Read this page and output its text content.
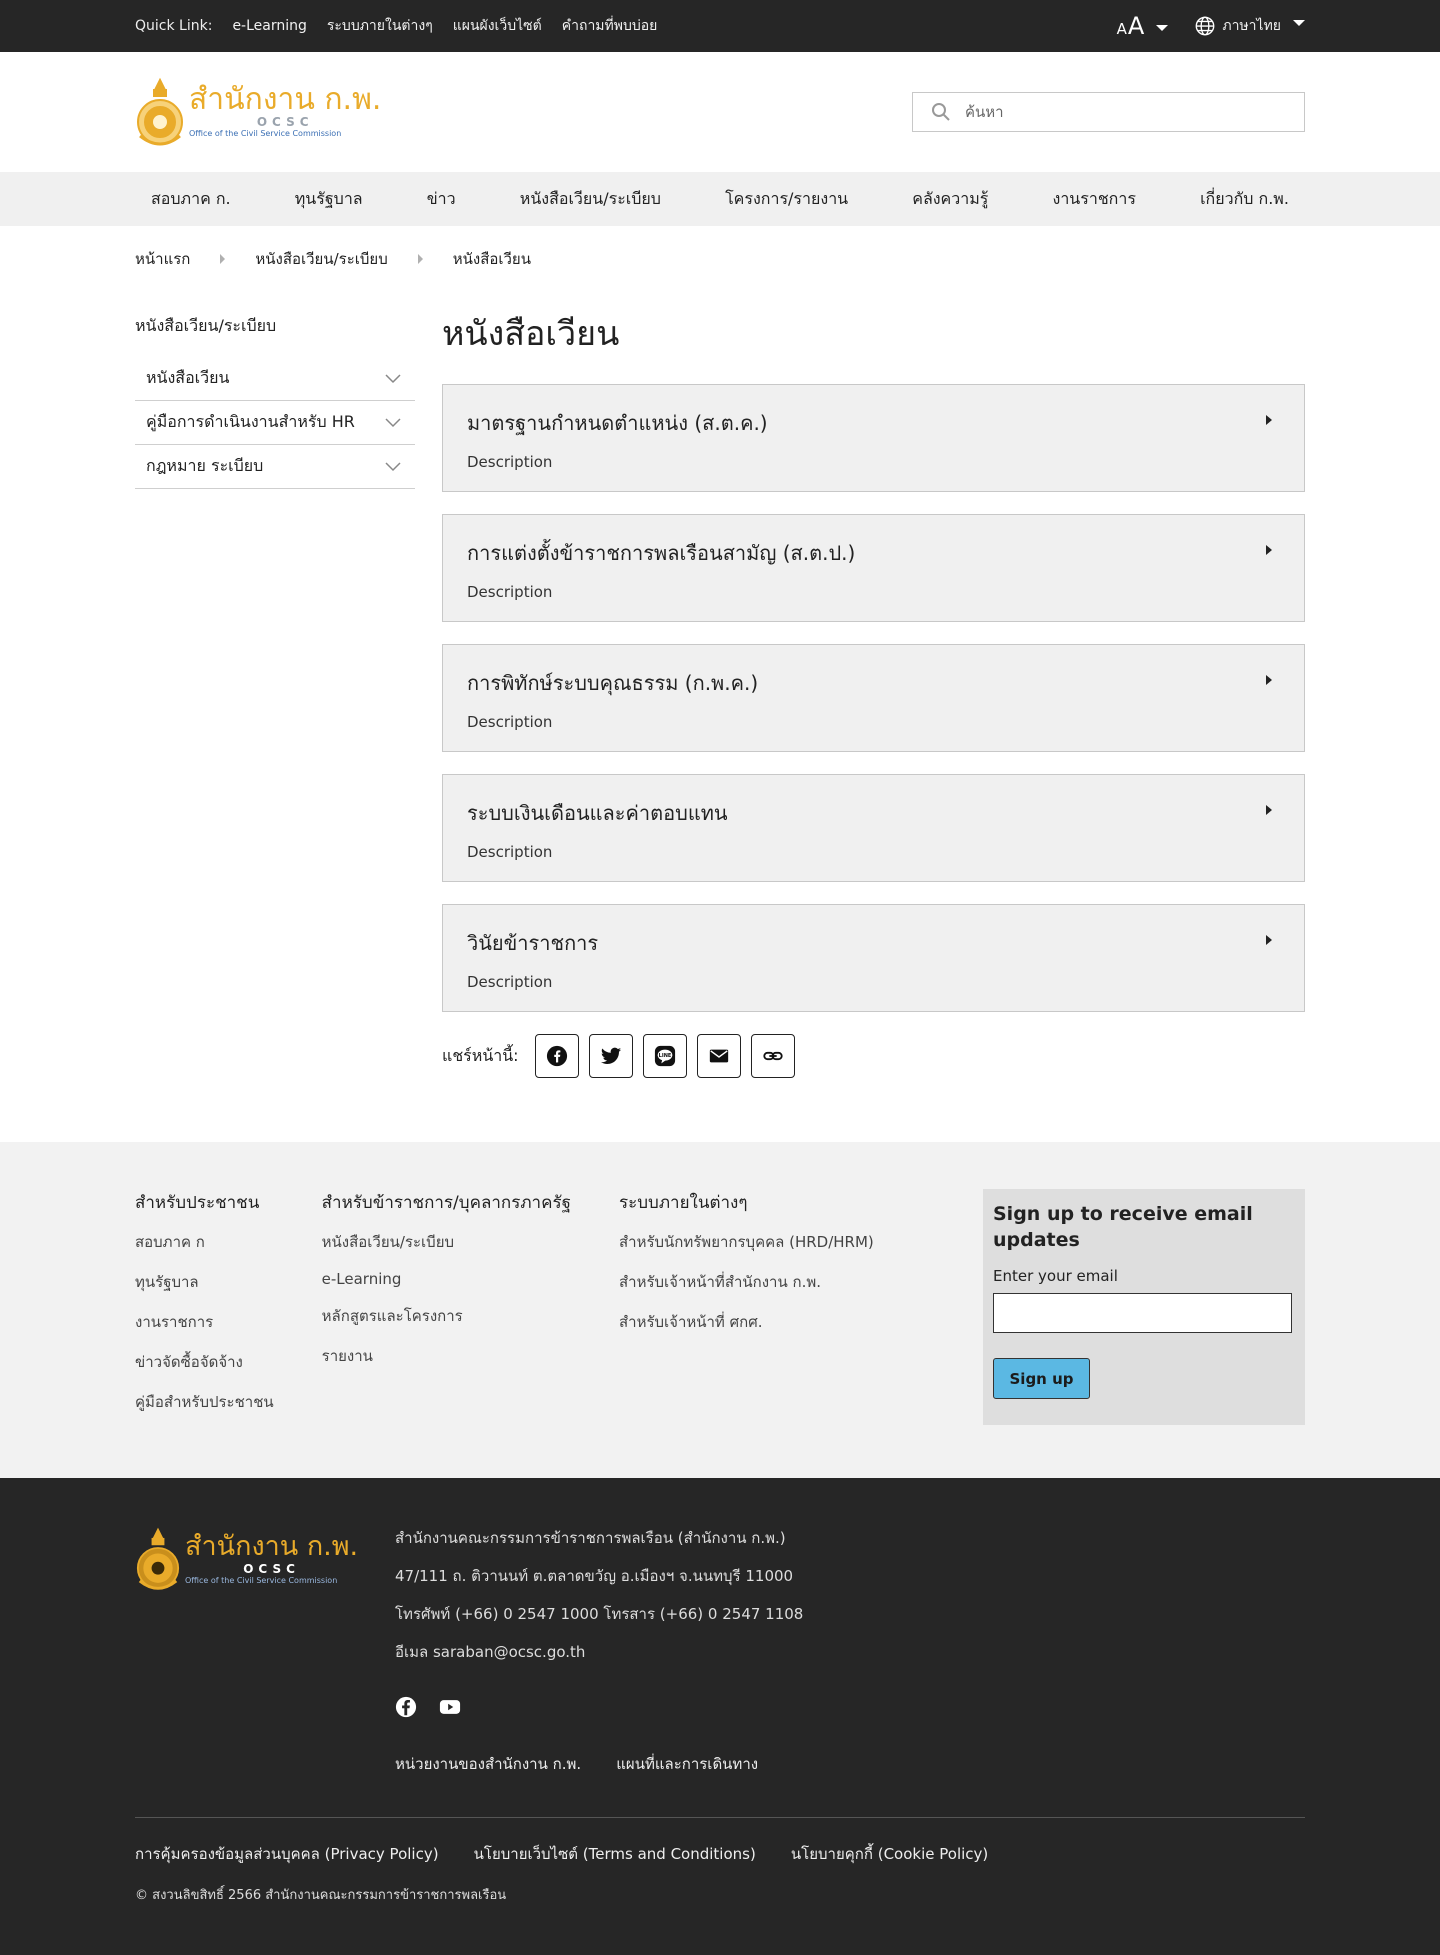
Quick Link: e-Learning ระบบภายในต่างๆ แผนผังเว็บไซต์ คำถามที่พบบ่อย	A A	ภาษาไทย
สำนักงาน ก.พ.
OCSC
Office of the Civil Service Commission
ค้นหา
สอบภาค ก.	ทุนรัฐบาล	ข่าว	หนังสือเวียน/ระเบียบ	โครงการ/รายงาน	คลังความรู้	งานราชการ	เกี่ยวกับ ก.พ.
หน้าแรก	หนังสือเวียน/ระเบียบ	หนังสือเวียน
หนังสือเวียน/ระเบียบ
หนังสือเวียน
คู่มือการดำเนินงานสำหรับ HR
กฎหมาย ระเบียบ
หนังสือเวียน
มาตรฐานกำหนดตำแหน่ง (ส.ต.ค.)
Description
การแต่งตั้งข้าราชการพลเรือนสามัญ (ส.ต.ป.)
Description
การพิทักษ์ระบบคุณธรรม (ก.พ.ค.)
Description
ระบบเงินเดือนและค่าตอบแทน
Description
วินัยข้าราชการ
Description
แชร์หน้านี้:	LINE
สำหรับประชาชน
สอบภาค ก
ทุนรัฐบาล
งานราชการ
ข่าวจัดซื้อจัดจ้าง
คู่มือสำหรับประชาชน
สำหรับข้าราชการ/บุคลากรภาครัฐ
หนังสือเวียน/ระเบียบ
e-Learning
หลักสูตรและโครงการ
รายงาน
ระบบภายในต่างๆ
สำหรับนักทรัพยากรบุคคล (HRD/HRM)
สำหรับเจ้าหน้าที่สำนักงาน ก.พ.
สำหรับเจ้าหน้าที่ ศกศ.
Sign up to receive email updates
Enter your email
Sign up
สำนักงาน ก.พ.
OCSC
Office of the Civil Service Commission

สำนักงานคณะกรรมการข้าราชการพลเรือน (สำนักงาน ก.พ.)

47/111 ถ. ติวานนท์ ต.ตลาดขวัญ อ.เมืองฯ จ.นนทบุรี 11000

โทรศัพท์ (+66) 0 2547 1000 โทรสาร (+66) 0 2547 1108

อีเมล saraban@ocsc.go.th

หน่วยงานของสำนักงาน ก.พ. แผนที่และการเดินทาง
การคุ้มครองข้อมูลส่วนบุคคล (Privacy Policy) นโยบายเว็บไซต์ (Terms and Conditions) นโยบายคุกกี้ (Cookie Policy)
© สงวนลิขสิทธิ์ 2566 สำนักงานคณะกรรมการข้าราชการพลเรือน
